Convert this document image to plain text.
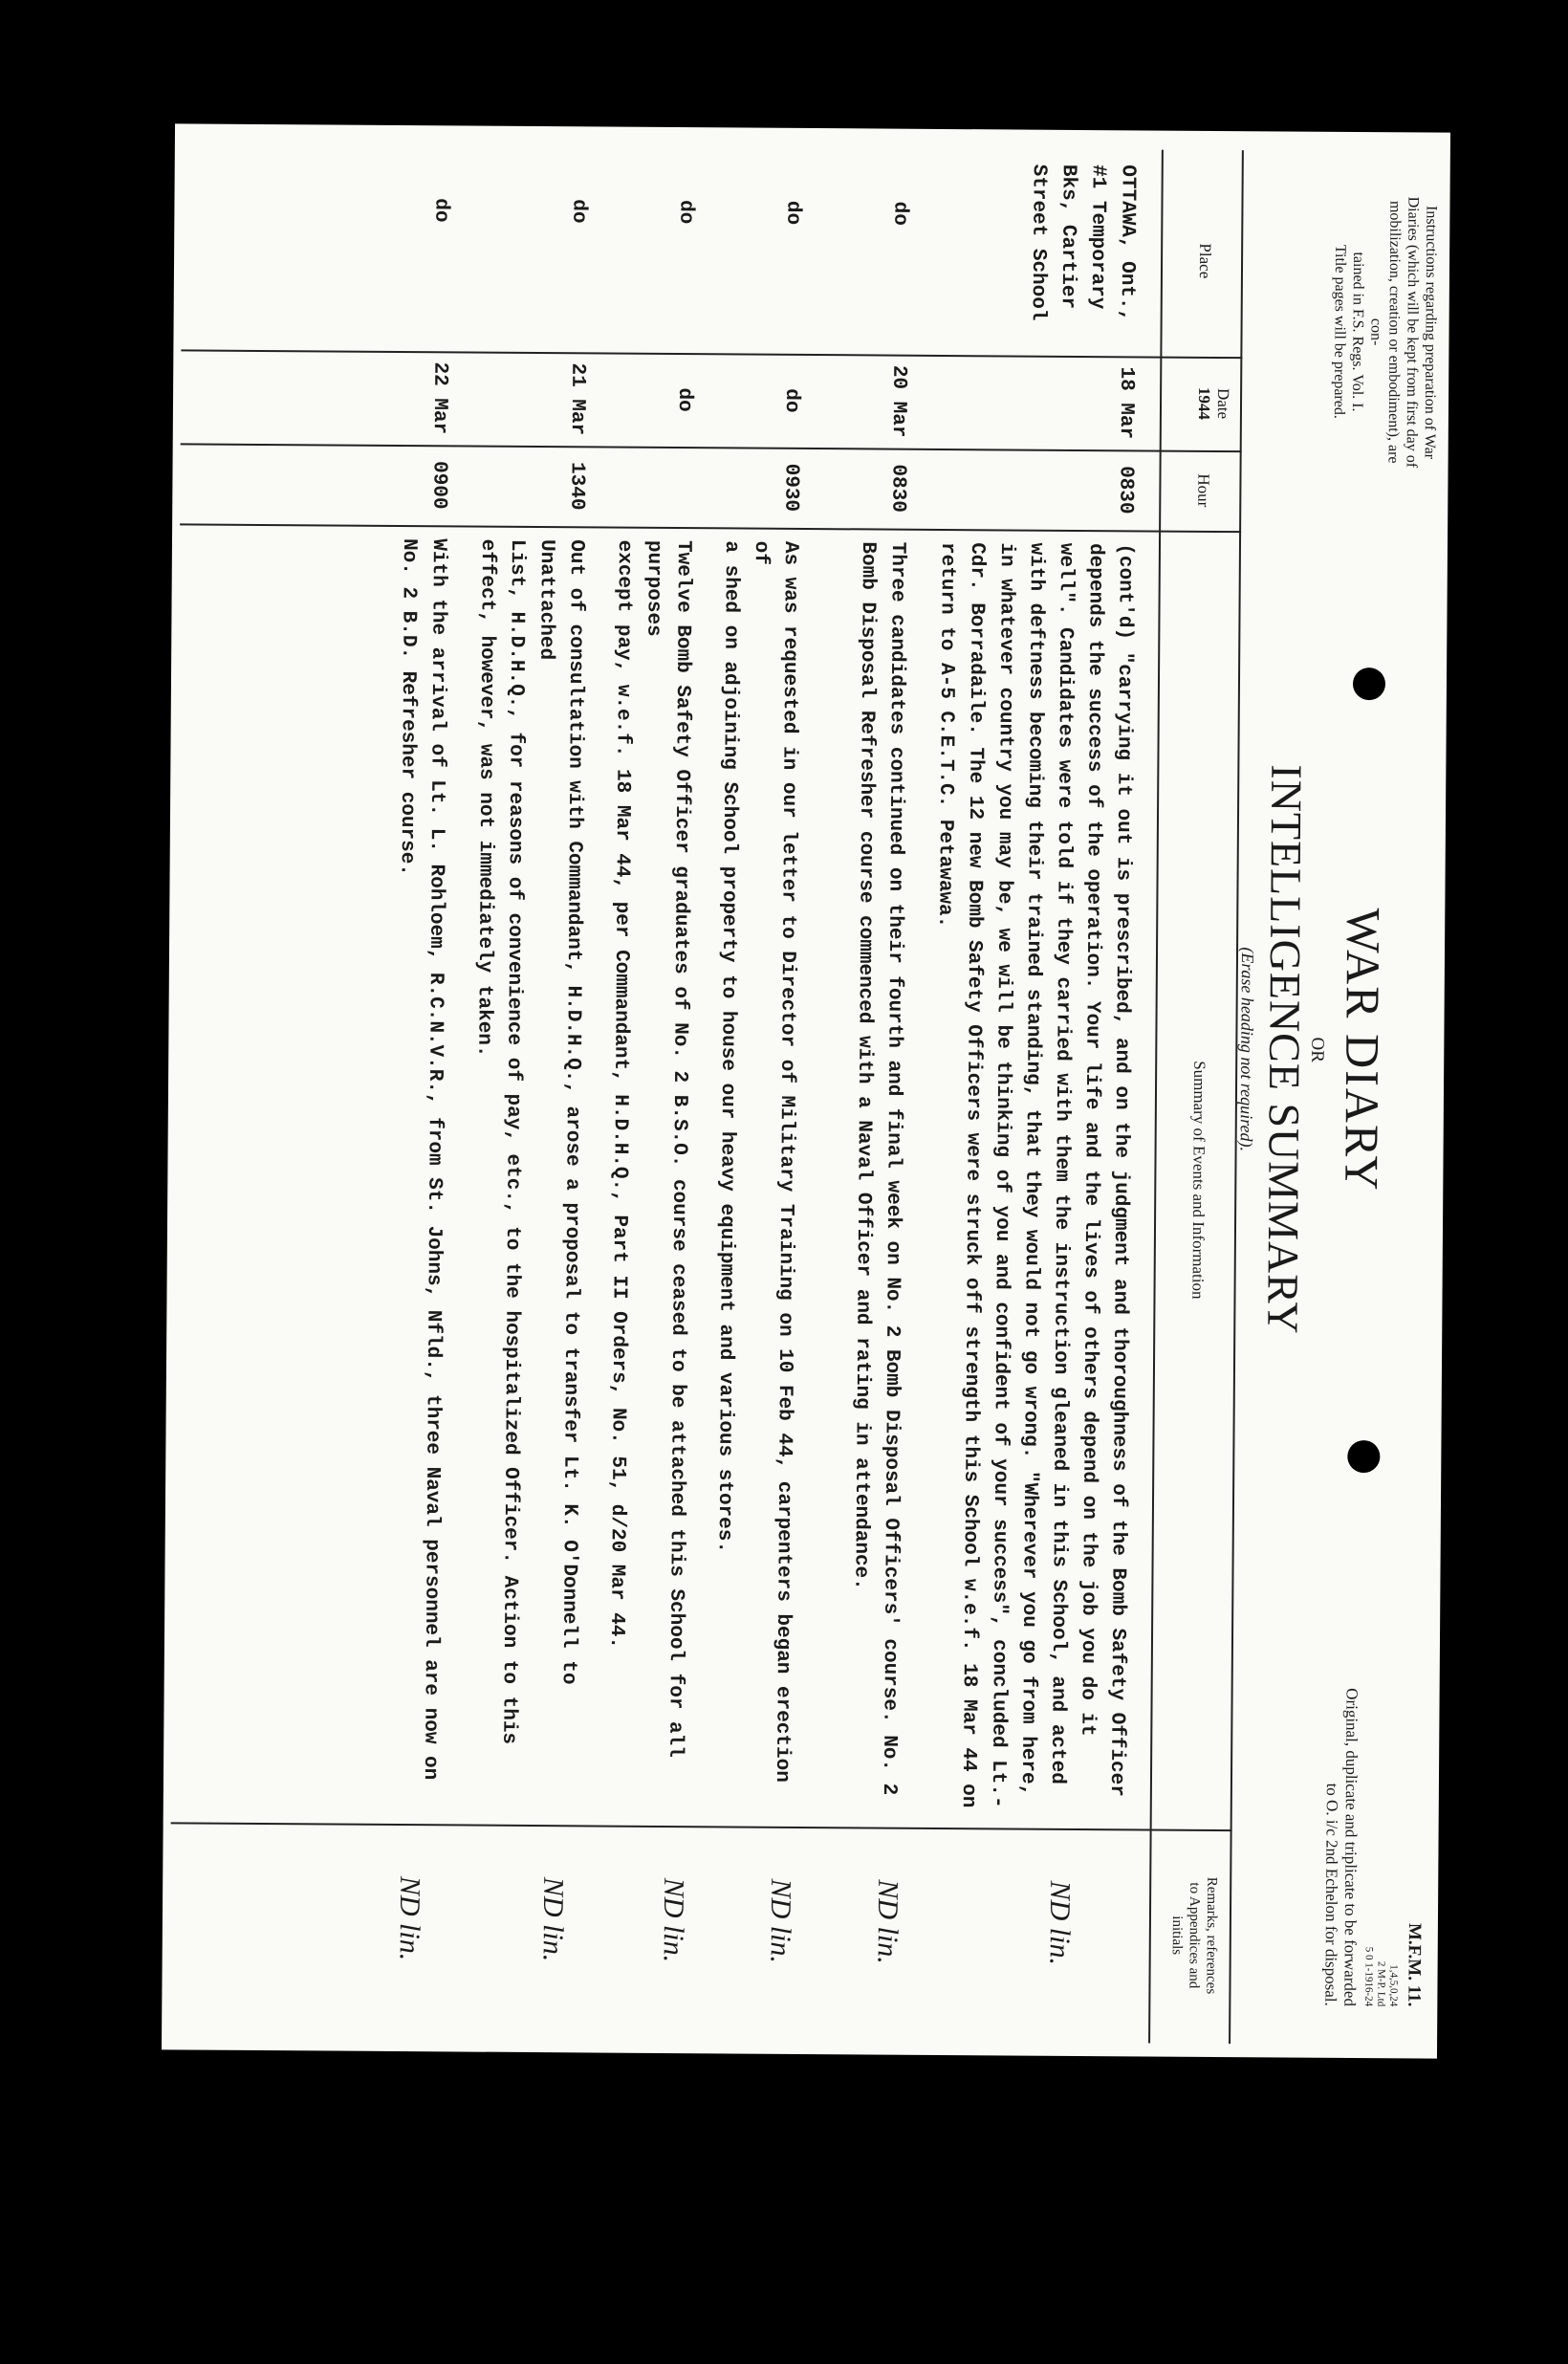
Instructions regarding preparation of War
Diaries (which will be kept from first day of
mobilization, creation or embodiment), are con-
tained in F.S. Regs. Vol. I.
Title pages will be prepared.
WAR DIARY
OR
INTELLIGENCE SUMMARY
(Erase heading not required).
M.F.M. 11.
1,4,5,0,24
2 M-P. Ltd
5 0 1-1916-24
Original, duplicate and triplicate to be forwarded
to O. i/c 2nd Echelon for disposal.
Place
Date
1944
Hour
Summary of Events and Information
Remarks, references
to Appendices and
initials
OTTAWA, Ont.,
#1 Temporary
Bks, Cartier
Street School
18 Mar
0830
(cont'd) "carrying it out is prescribed, and on the judgment and thoroughness of the Bomb Safety Officer
depends the success of the operation. Your life and the lives of others depend on the job you do it
well". Candidates were told if they carried with them the instruction gleaned in this School, and acted
with deftness becoming their trained standing, that they would not go wrong. "Wherever you go from here,
in whatever country you may be, we will be thinking of you and confident of your success", concluded Lt.-
Cdr. Borradaile. The 12 new Bomb Safety Officers were struck off strength this School w.e.f. 18 Mar 44 on
return to A-5 C.E.T.C. Petawawa.
ND lin.
do
20 Mar
0830
Three candidates continued on their fourth and final week on No. 2 Bomb Disposal Officers' course. No. 2
Bomb Disposal Refresher course commenced with a Naval Officer and rating in attendance.
ND lin.
do
do
0930
As was requested in our letter to Director of Military Training on 10 Feb 44, carpenters began erection of
a shed on adjoining School property to house our heavy equipment and various stores.
ND lin.
do
do
Twelve Bomb Safety Officer graduates of No. 2 B.S.O. course ceased to be attached this School for all purposes
except pay, w.e.f. 18 Mar 44, per Commandant, H.D.H.Q., Part II Orders, No. 51, d/20 Mar 44.
ND lin.
do
21 Mar
1340
Out of consultation with Commandant, H.D.H.Q., arose a proposal to transfer Lt. K. O'Donnell to Unattached
List, H.D.H.Q., for reasons of convenience of pay, etc., to the hospitalized Officer. Action to this
effect, however, was not immediately taken.
ND lin.
do
22 Mar
0900
With the arrival of Lt. L. Rohloem, R.C.N.V.R., from St. Johns, Nfld., three Naval personnel are now on
No. 2 B.D. Refresher course.
ND lin.
